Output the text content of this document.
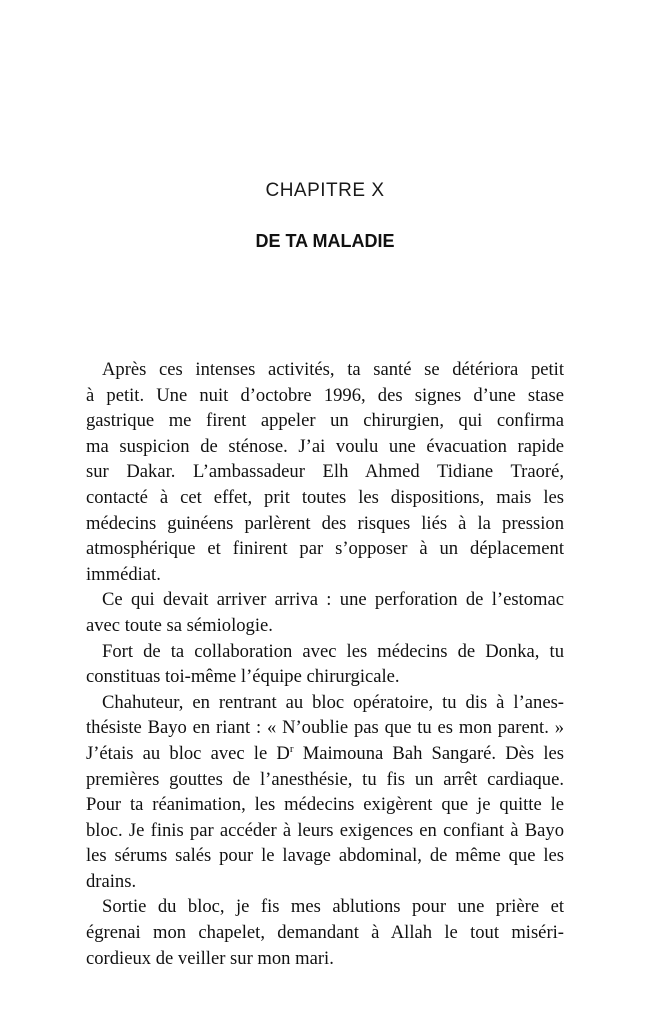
CHAPITRE X
DE TA MALADIE
Après ces intenses activités, ta santé se détériora petit
à petit. Une nuit d’octobre 1996, des signes d’une stase
gastrique me firent appeler un chirurgien, qui confirma
ma suspicion de sténose. J’ai voulu une évacuation rapide
sur Dakar. L’ambassadeur Elh Ahmed Tidiane Traoré,
contacté à cet effet, prit toutes les dispositions, mais les
médecins guinéens parlèrent des risques liés à la pression
atmosphérique et finirent par s’opposer à un déplacement
immédiat.
Ce qui devait arriver arriva : une perforation de l’estomac
avec toute sa sémiologie.
Fort de ta collaboration avec les médecins de Donka, tu
constituas toi-même l’équipe chirurgicale.
Chahuteur, en rentrant au bloc opératoire, tu dis à l’anes-
thésiste Bayo en riant : « N’oublie pas que tu es mon parent. »
J’étais au bloc avec le $D^r$ Maimouna Bah Sangaré. Dès les
premières gouttes de l’anesthésie, tu fis un arrêt cardiaque.
Pour ta réanimation, les médecins exigèrent que je quitte le
bloc. Je finis par accéder à leurs exigences en confiant à Bayo
les sérums salés pour le lavage abdominal, de même que les
drains.
Sortie du bloc, je fis mes ablutions pour une prière et
égrenai mon chapelet, demandant à Allah le tout miséri-
cordieux de veiller sur mon mari.
